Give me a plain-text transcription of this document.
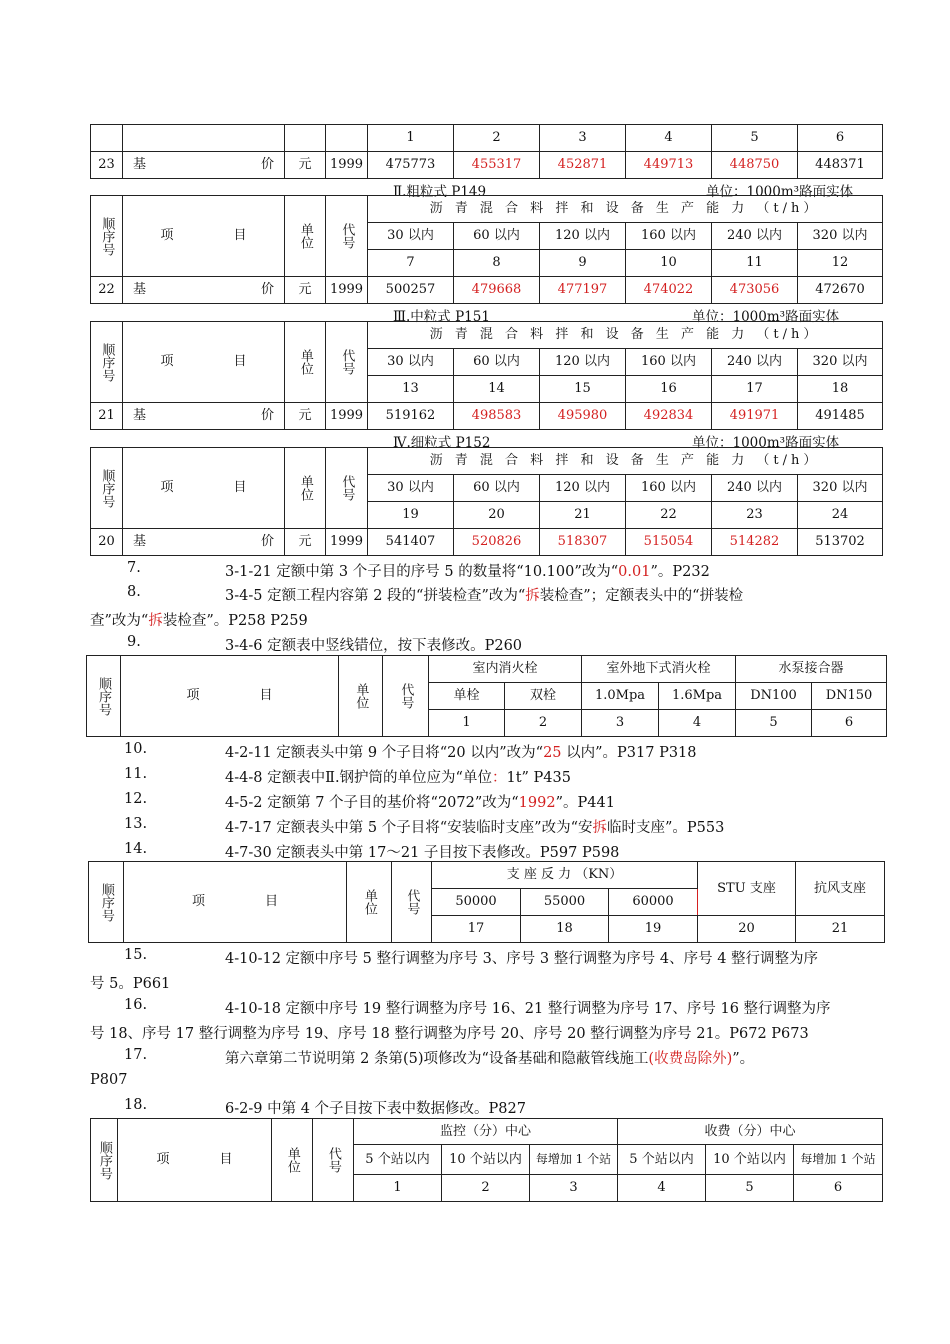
				1	2	3	4	5	6
23	基 价	元	1999	475773	455317	452871	449713	448750	448371
Ⅱ.粗粒式 P149	单位：1000m³路面实体
顺序号	项 目	单位	代号	沥 青 混 合 料 拌 和 设 备 生 产 能 力 （t/h）					
				30 以内	60 以内	120 以内	160 以内	240 以内	320 以内
				7	8	9	10	11	12
22	基 价	元	1999	500257	479668	477197	474022	473056	472670
Ⅲ.中粒式 P151	单位：1000m³路面实体
顺序号	项 目	单位	代号	沥 青 混 合 料 拌 和 设 备 生 产 能 力 （t/h）					
				30 以内	60 以内	120 以内	160 以内	240 以内	320 以内
				13	14	15	16	17	18
21	基 价	元	1999	519162	498583	495980	492834	491971	491485
Ⅳ.细粒式 P152	单位：1000m³路面实体
顺序号	项 目	单位	代号	沥 青 混 合 料 拌 和 设 备 生 产 能 力 （t/h）					
				30 以内	60 以内	120 以内	160 以内	240 以内	320 以内
				19	20	21	22	23	24
20	基 价	元	1999	541407	520826	518307	515054	514282	513702
7.	3-1-21 定额中第 3 个子目的序号 5 的数量将“10.100”改为“0.01”。P232
8.	3-4-5 定额工程内容第 2 段的“拼装检查”改为“拆装检查”；定额表头中的“拼装检
查”改为“拆装检查”。P258 P259
9.	3-4-6 定额表中竖线错位，按下表修改。P260
顺序号	项 目	单位	代号	室内消火栓		室外地下式消火栓		水泵接合器	
				单栓	双栓	1.0Mpa	1.6Mpa	DN100	DN150
				1	2	3	4	5	6
10.	4-2-11 定额表头中第 9 个子目将“20 以内”改为“25 以内”。P317 P318
11.	4-4-8 定额表中Ⅱ.钢护筒的单位应为“单位：1t” P435
12.	4-5-2 定额第 7 个子目的基价将“2072”改为“1992”。P441
13.	4-7-17 定额表头中第 5 个子目将“安装临时支座”改为“安拆临时支座”。P553
14.	4-7-30 定额表头中第 17～21 子目按下表修改。P597 P598
顺序号	项 目	单位	代号	支 座 反 力 （KN）			STU 支座	抗风支座
				50000	55000	60000		
				17	18	19	20	21
15.	4-10-12 定额中序号 5 整行调整为序号 3、序号 3 整行调整为序号 4、序号 4 整行调整为序
号 5。P661
16.	4-10-18 定额中序号 19 整行调整为序号 16、21 整行调整为序号 17、序号 16 整行调整为序
号 18、序号 17 整行调整为序号 19、序号 18 整行调整为序号 20、序号 20 整行调整为序号 21。P672 P673
17.	第六章第二节说明第 2 条第(5)项修改为“设备基础和隐蔽管线施工(收费岛除外)”。
P807
18.	6-2-9 中第 4 个子目按下表中数据修改。P827
顺序号	项 目	单位	代号	监控（分）中心			收费（分）中心		
				5 个站以内	10 个站以内	每增加 1 个站	5 个站以内	10 个站以内	每增加 1 个站
				1	2	3	4	5	6
